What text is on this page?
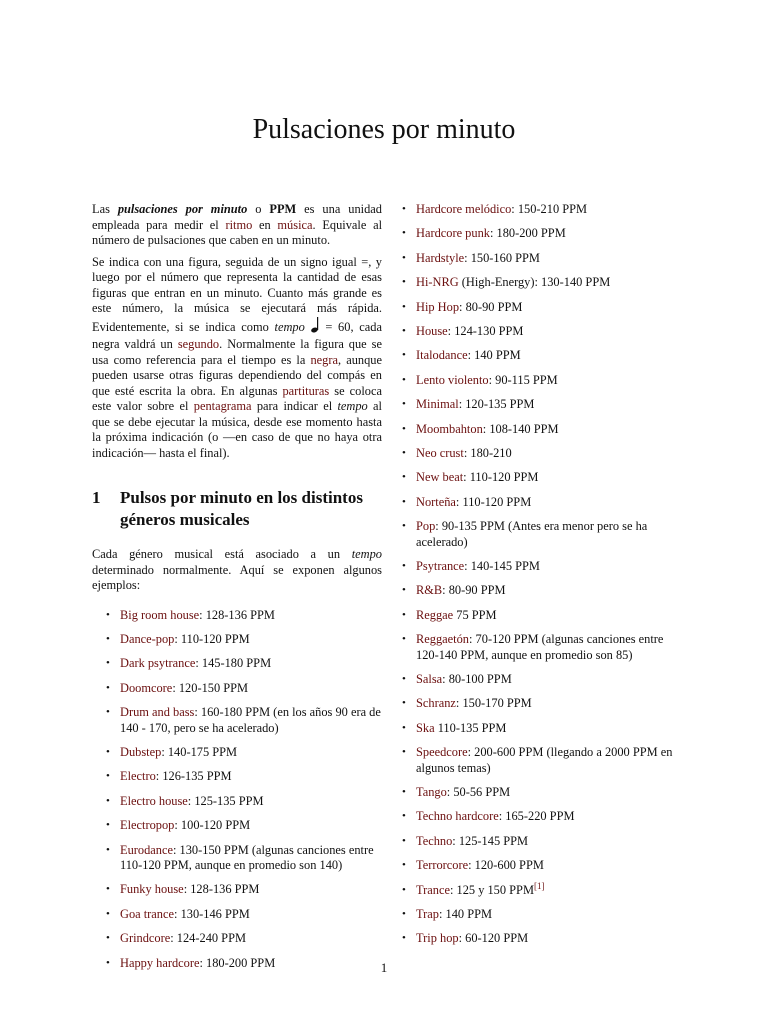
Pulsaciones por minuto

Las pulsaciones por minuto o PPM es una unidad empleada para medir el ritmo en música. Equivale al número de pulsaciones que caben en un minuto.

Se indica con una figura, seguida de un signo igual =, y luego por el número que representa la cantidad de esas figuras que entran en un minuto. Cuanto más grande es este número, la música se ejecutará más rápida. Evidentemente, si se indica como tempo  = 60, cada negra valdrá un segundo. Normalmente la figura que se usa como referencia para el tiempo es la negra, aunque pueden usarse otras figuras dependiendo del compás en que esté escrita la obra. En algunas partituras se coloca este valor sobre el pentagrama para indicar el tempo al que se debe ejecutar la música, desde ese momento hasta la próxima indicación (o —en caso de que no haya otra indicación— hasta el final).

1	Pulsos por minuto en los distintos géneros musicales

Cada género musical está asociado a un tempo determinado normalmente. Aquí se exponen algunos ejemplos:

• Big room house: 128-136 PPM
• Dance-pop: 110-120 PPM
• Dark psytrance: 145-180 PPM
• Doomcore: 120-150 PPM
• Drum and bass: 160-180 PPM (en los años 90 era de 140 - 170, pero se ha acelerado)
• Dubstep: 140-175 PPM
• Electro: 126-135 PPM
• Electro house: 125-135 PPM
• Electropop: 100-120 PPM
• Eurodance: 130-150 PPM (algunas canciones entre 110-120 PPM, aunque en promedio son 140)
• Funky house: 128-136 PPM
• Goa trance: 130-146 PPM
• Grindcore: 124-240 PPM
• Happy hardcore: 180-200 PPM
• Hardcore melódico: 150-210 PPM
• Hardcore punk: 180-200 PPM
• Hardstyle: 150-160 PPM
• Hi-NRG (High-Energy): 130-140 PPM
• Hip Hop: 80-90 PPM
• House: 124-130 PPM
• Italodance: 140 PPM
• Lento violento: 90-115 PPM
• Minimal: 120-135 PPM
• Moombahton: 108-140 PPM
• Neo crust: 180-210
• New beat: 110-120 PPM
• Norteña: 110-120 PPM
• Pop: 90-135 PPM (Antes era menor pero se ha acelerado)
• Psytrance: 140-145 PPM
• R&B: 80-90 PPM
• Reggae 75 PPM
• Reggaetón: 70-120 PPM (algunas canciones entre 120-140 PPM, aunque en promedio son 85)
• Salsa: 80-100 PPM
• Schranz: 150-170 PPM
• Ska 110-135 PPM
• Speedcore: 200-600 PPM (llegando a 2000 PPM en algunos temas)
• Tango: 50-56 PPM
• Techno hardcore: 165-220 PPM
• Techno: 125-145 PPM
• Terrorcore: 120-600 PPM
• Trance: 125 y 150 PPM[1]
• Trap: 140 PPM
• Trip hop: 60-120 PPM
1
